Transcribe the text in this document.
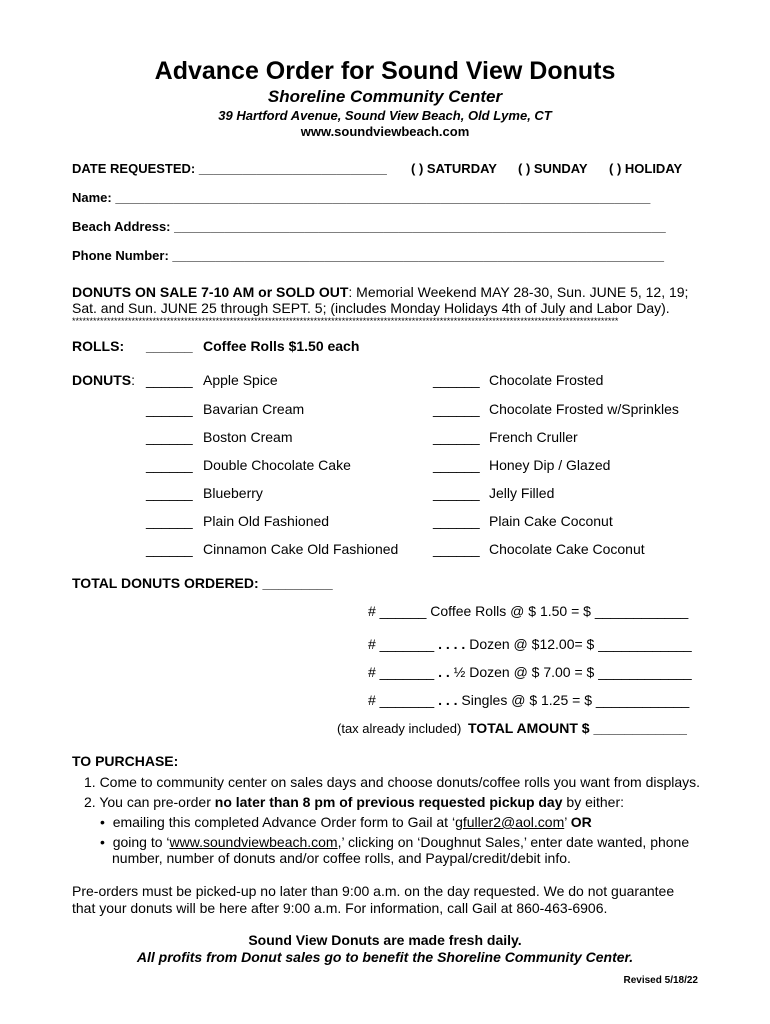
Advance Order for Sound View Donuts
Shoreline Community Center
39 Hartford Avenue, Sound View Beach, Old Lyme, CT
www.soundviewbeach.com
DATE REQUESTED: __________________________ ( ) SATURDAY ( ) SUNDAY ( ) HOLIDAY
Name: __________________________________________________________________________
Beach Address: ____________________________________________________________________
Phone Number: ____________________________________________________________________
DONUTS ON SALE 7-10 AM or SOLD OUT: Memorial Weekend MAY 28-30, Sun. JUNE 5, 12, 19;
Sat. and Sun. JUNE 25 through SEPT. 5; (includes Monday Holidays 4th of July and Labor Day).
************************************************************************************************************************************************************
ROLLS: ______ Coffee Rolls $1.50 each
DONUTS: ______ Apple Spice
______ Bavarian Cream
______ Boston Cream
______ Double Chocolate Cake
______ Blueberry
______ Plain Old Fashioned
______ Cinnamon Cake Old Fashioned
______ Chocolate Frosted
______ Chocolate Frosted w/Sprinkles
______ French Cruller
______ Honey Dip / Glazed
______ Jelly Filled
______ Plain Cake Coconut
______ Chocolate Cake Coconut
TOTAL DONUTS ORDERED: _________
# ______ Coffee Rolls @ $ 1.50 = $ ____________
# _______ . . . . Dozen @ $12.00= $ ____________
# _______ . . ½ Dozen @ $ 7.00 = $ ____________
# _______ . . . Singles @ $ 1.25 = $ ____________
(tax already included) TOTAL AMOUNT $ ____________
TO PURCHASE:
1. Come to community center on sales days and choose donuts/coffee rolls you want from displays.
2. You can pre-order no later than 8 pm of previous requested pickup day by either:
•  emailing this completed Advance Order form to Gail at ‘gfuller2@aol.com’ OR
•  going to ‘www.soundviewbeach.com,’ clicking on ‘Doughnut Sales,’ enter date wanted, phone
number, number of donuts and/or coffee rolls, and Paypal/credit/debit info.
Pre-orders must be picked-up no later than 9:00 a.m. on the day requested. We do not guarantee
that your donuts will be here after 9:00 a.m. For information, call Gail at 860-463-6906.
Sound View Donuts are made fresh daily.
All profits from Donut sales go to benefit the Shoreline Community Center.
Revised 5/18/22
